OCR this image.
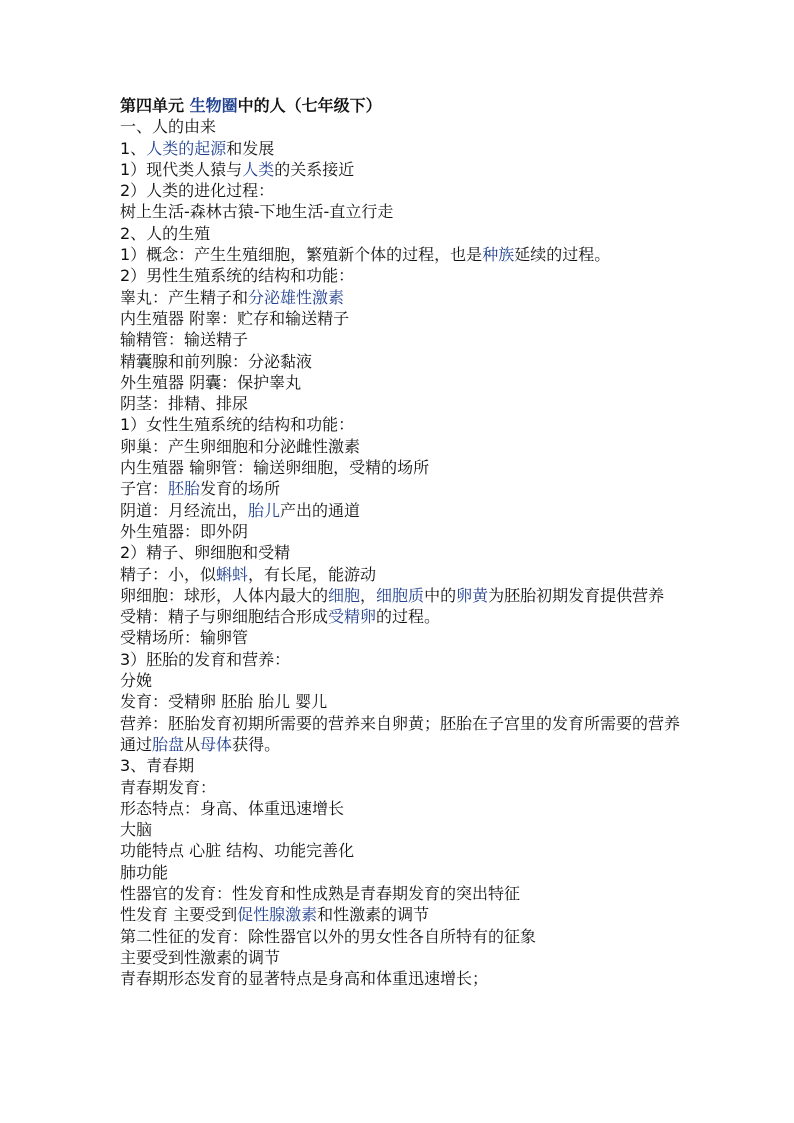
第四单元 生物圈中的人（七年级下）
一、人的由来
1、人类的起源和发展
1）现代类人猿与人类的关系接近
2）人类的进化过程：
树上生活-森林古猿-下地生活-直立行走
2、人的生殖
1）概念：产生生殖细胞，繁殖新个体的过程，也是种族延续的过程。
2）男性生殖系统的结构和功能：
睾丸：产生精子和分泌雄性激素
内生殖器 附睾：贮存和输送精子
输精管：输送精子
精囊腺和前列腺：分泌黏液
外生殖器 阴囊：保护睾丸
阴茎：排精、排尿
1）女性生殖系统的结构和功能：
卵巢：产生卵细胞和分泌雌性激素
内生殖器 输卵管：输送卵细胞，受精的场所
子宫：胚胎发育的场所
阴道：月经流出，胎儿产出的通道
外生殖器：即外阴
2）精子、卵细胞和受精
精子：小，似蝌蚪，有长尾，能游动
卵细胞：球形，人体内最大的细胞，细胞质中的卵黄为胚胎初期发育提供营养
受精：精子与卵细胞结合形成受精卵的过程。
受精场所：输卵管
3）胚胎的发育和营养：
分娩
发育：受精卵 胚胎 胎儿 婴儿
营养：胚胎发育初期所需要的营养来自卵黄；胚胎在子宫里的发育所需要的营养通过胎盘从母体获得。
3、青春期
青春期发育：
形态特点：身高、体重迅速增长
大脑
功能特点 心脏 结构、功能完善化
肺功能
性器官的发育：性发育和性成熟是青春期发育的突出特征
性发育 主要受到促性腺激素和性激素的调节
第二性征的发育：除性器官以外的男女性各自所特有的征象
主要受到性激素的调节
青春期形态发育的显著特点是身高和体重迅速增长；
